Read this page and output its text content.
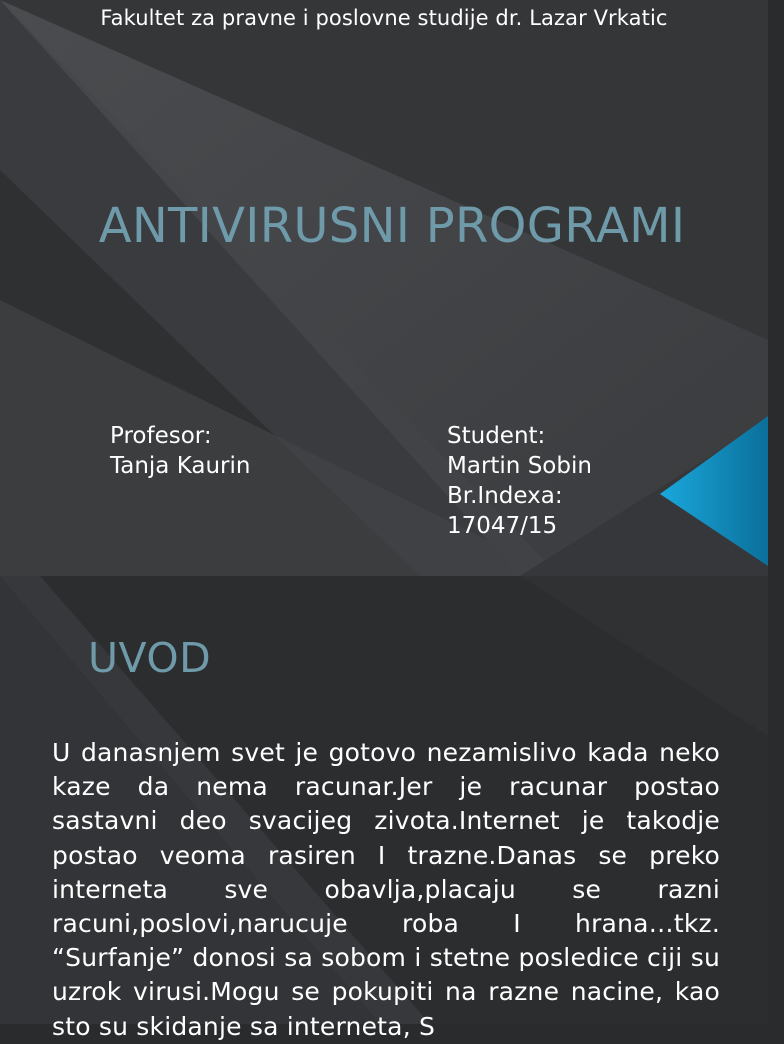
Fakultet za pravne i poslovne studije dr. Lazar Vrkatic
ANTIVIRUSNI PROGRAMI
Profesor:
Tanja Kaurin
Student:
Martin Sobin
Br.Indexa:
17047/15
UVOD
U danasnjem svet je gotovo nezamislivo kada neko kaze da nema racunar.Jer je racunar postao sastavni deo svacijeg zivota.Internet je takodje postao veoma rasiren I trazne.Danas se preko interneta sve obavlja,placaju se razni racuni,poslovi,narucuje roba I hrana…tkz. “Surfanje” donosi sa sobom i stetne posledice ciji su uzrok virusi.Mogu se pokupiti na razne nacine, kao sto su skidanje sa interneta, S
